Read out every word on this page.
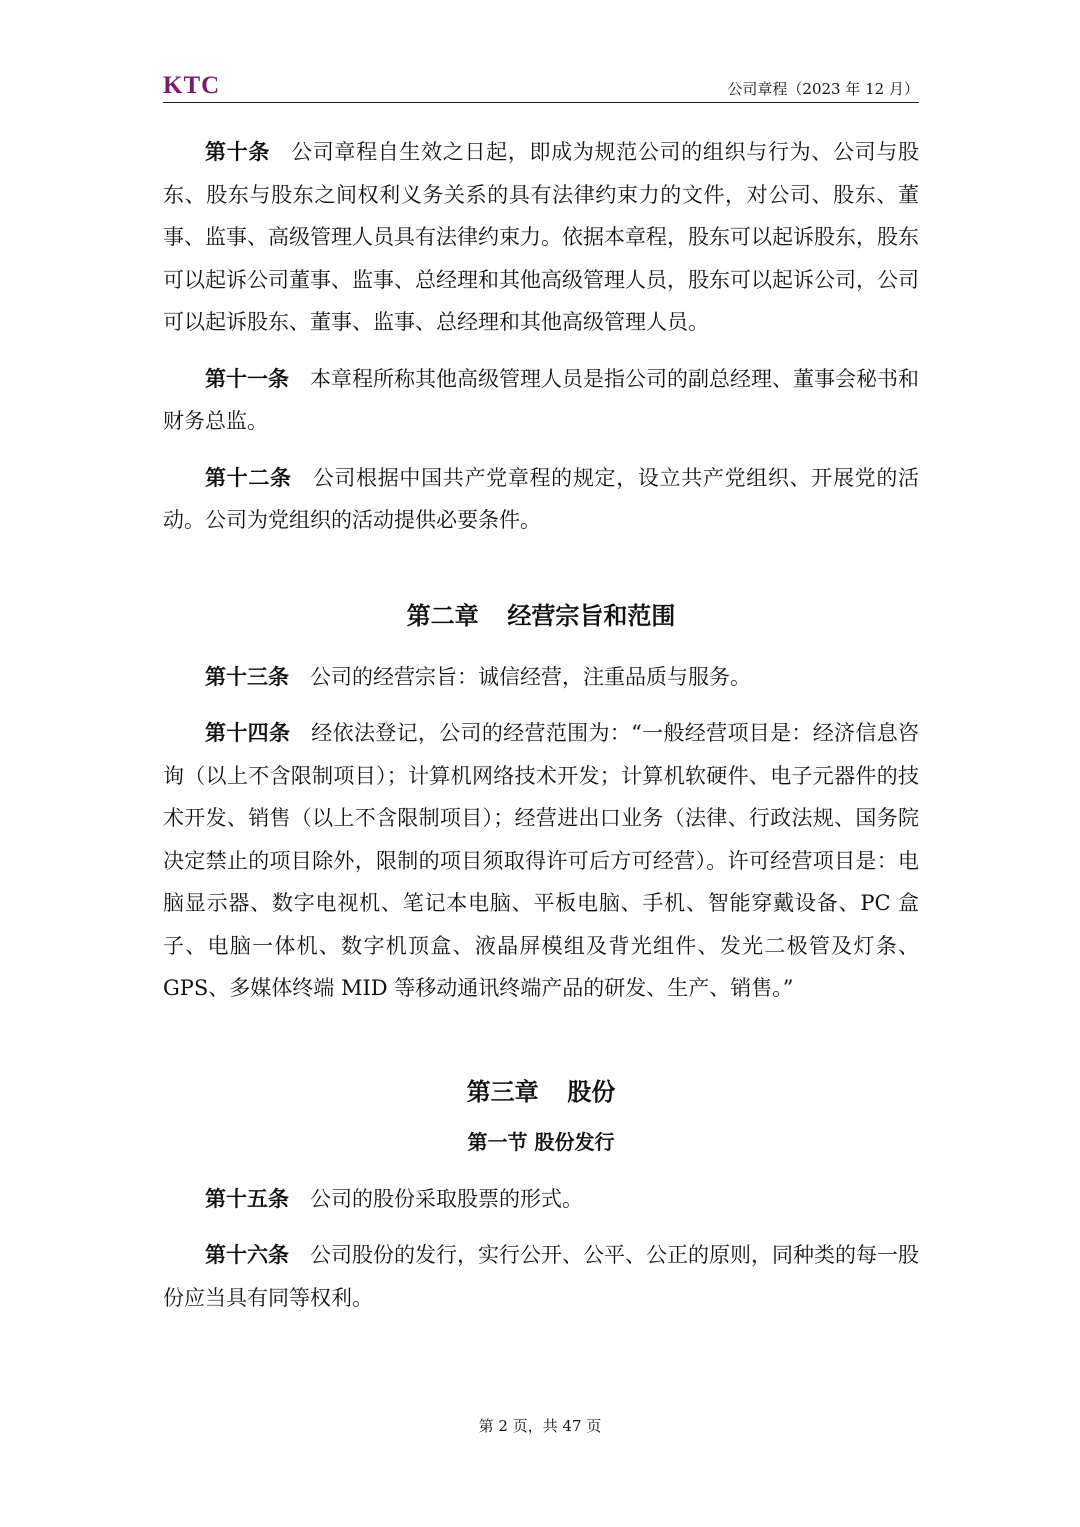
KTC	公司章程（2023 年 12 月）

第十条 公司章程自生效之日起，即成为规范公司的组织与行为、公司与股东、股东与股东之间权利义务关系的具有法律约束力的文件，对公司、股东、董事、监事、高级管理人员具有法律约束力。依据本章程，股东可以起诉股东，股东可以起诉公司董事、监事、总经理和其他高级管理人员，股东可以起诉公司，公司可以起诉股东、董事、监事、总经理和其他高级管理人员。

第十一条 本章程所称其他高级管理人员是指公司的副总经理、董事会秘书和财务总监。

第十二条 公司根据中国共产党章程的规定，设立共产党组织、开展党的活动。公司为党组织的活动提供必要条件。

第二章 经营宗旨和范围

第十三条 公司的经营宗旨：诚信经营，注重品质与服务。

第十四条 经依法登记，公司的经营范围为：“一般经营项目是：经济信息咨询（以上不含限制项目）；计算机网络技术开发；计算机软硬件、电子元器件的技术开发、销售（以上不含限制项目）；经营进出口业务（法律、行政法规、国务院决定禁止的项目除外，限制的项目须取得许可后方可经营）。许可经营项目是：电脑显示器、数字电视机、笔记本电脑、平板电脑、手机、智能穿戴设备、PC 盒子、电脑一体机、数字机顶盒、液晶屏模组及背光组件、发光二极管及灯条、GPS、多媒体终端 MID 等移动通讯终端产品的研发、生产、销售。”

第三章 股份
第一节 股份发行

第十五条 公司的股份采取股票的形式。

第十六条 公司股份的发行，实行公开、公平、公正的原则，同种类的每一股份应当具有同等权利。

第 2 页，共 47 页
